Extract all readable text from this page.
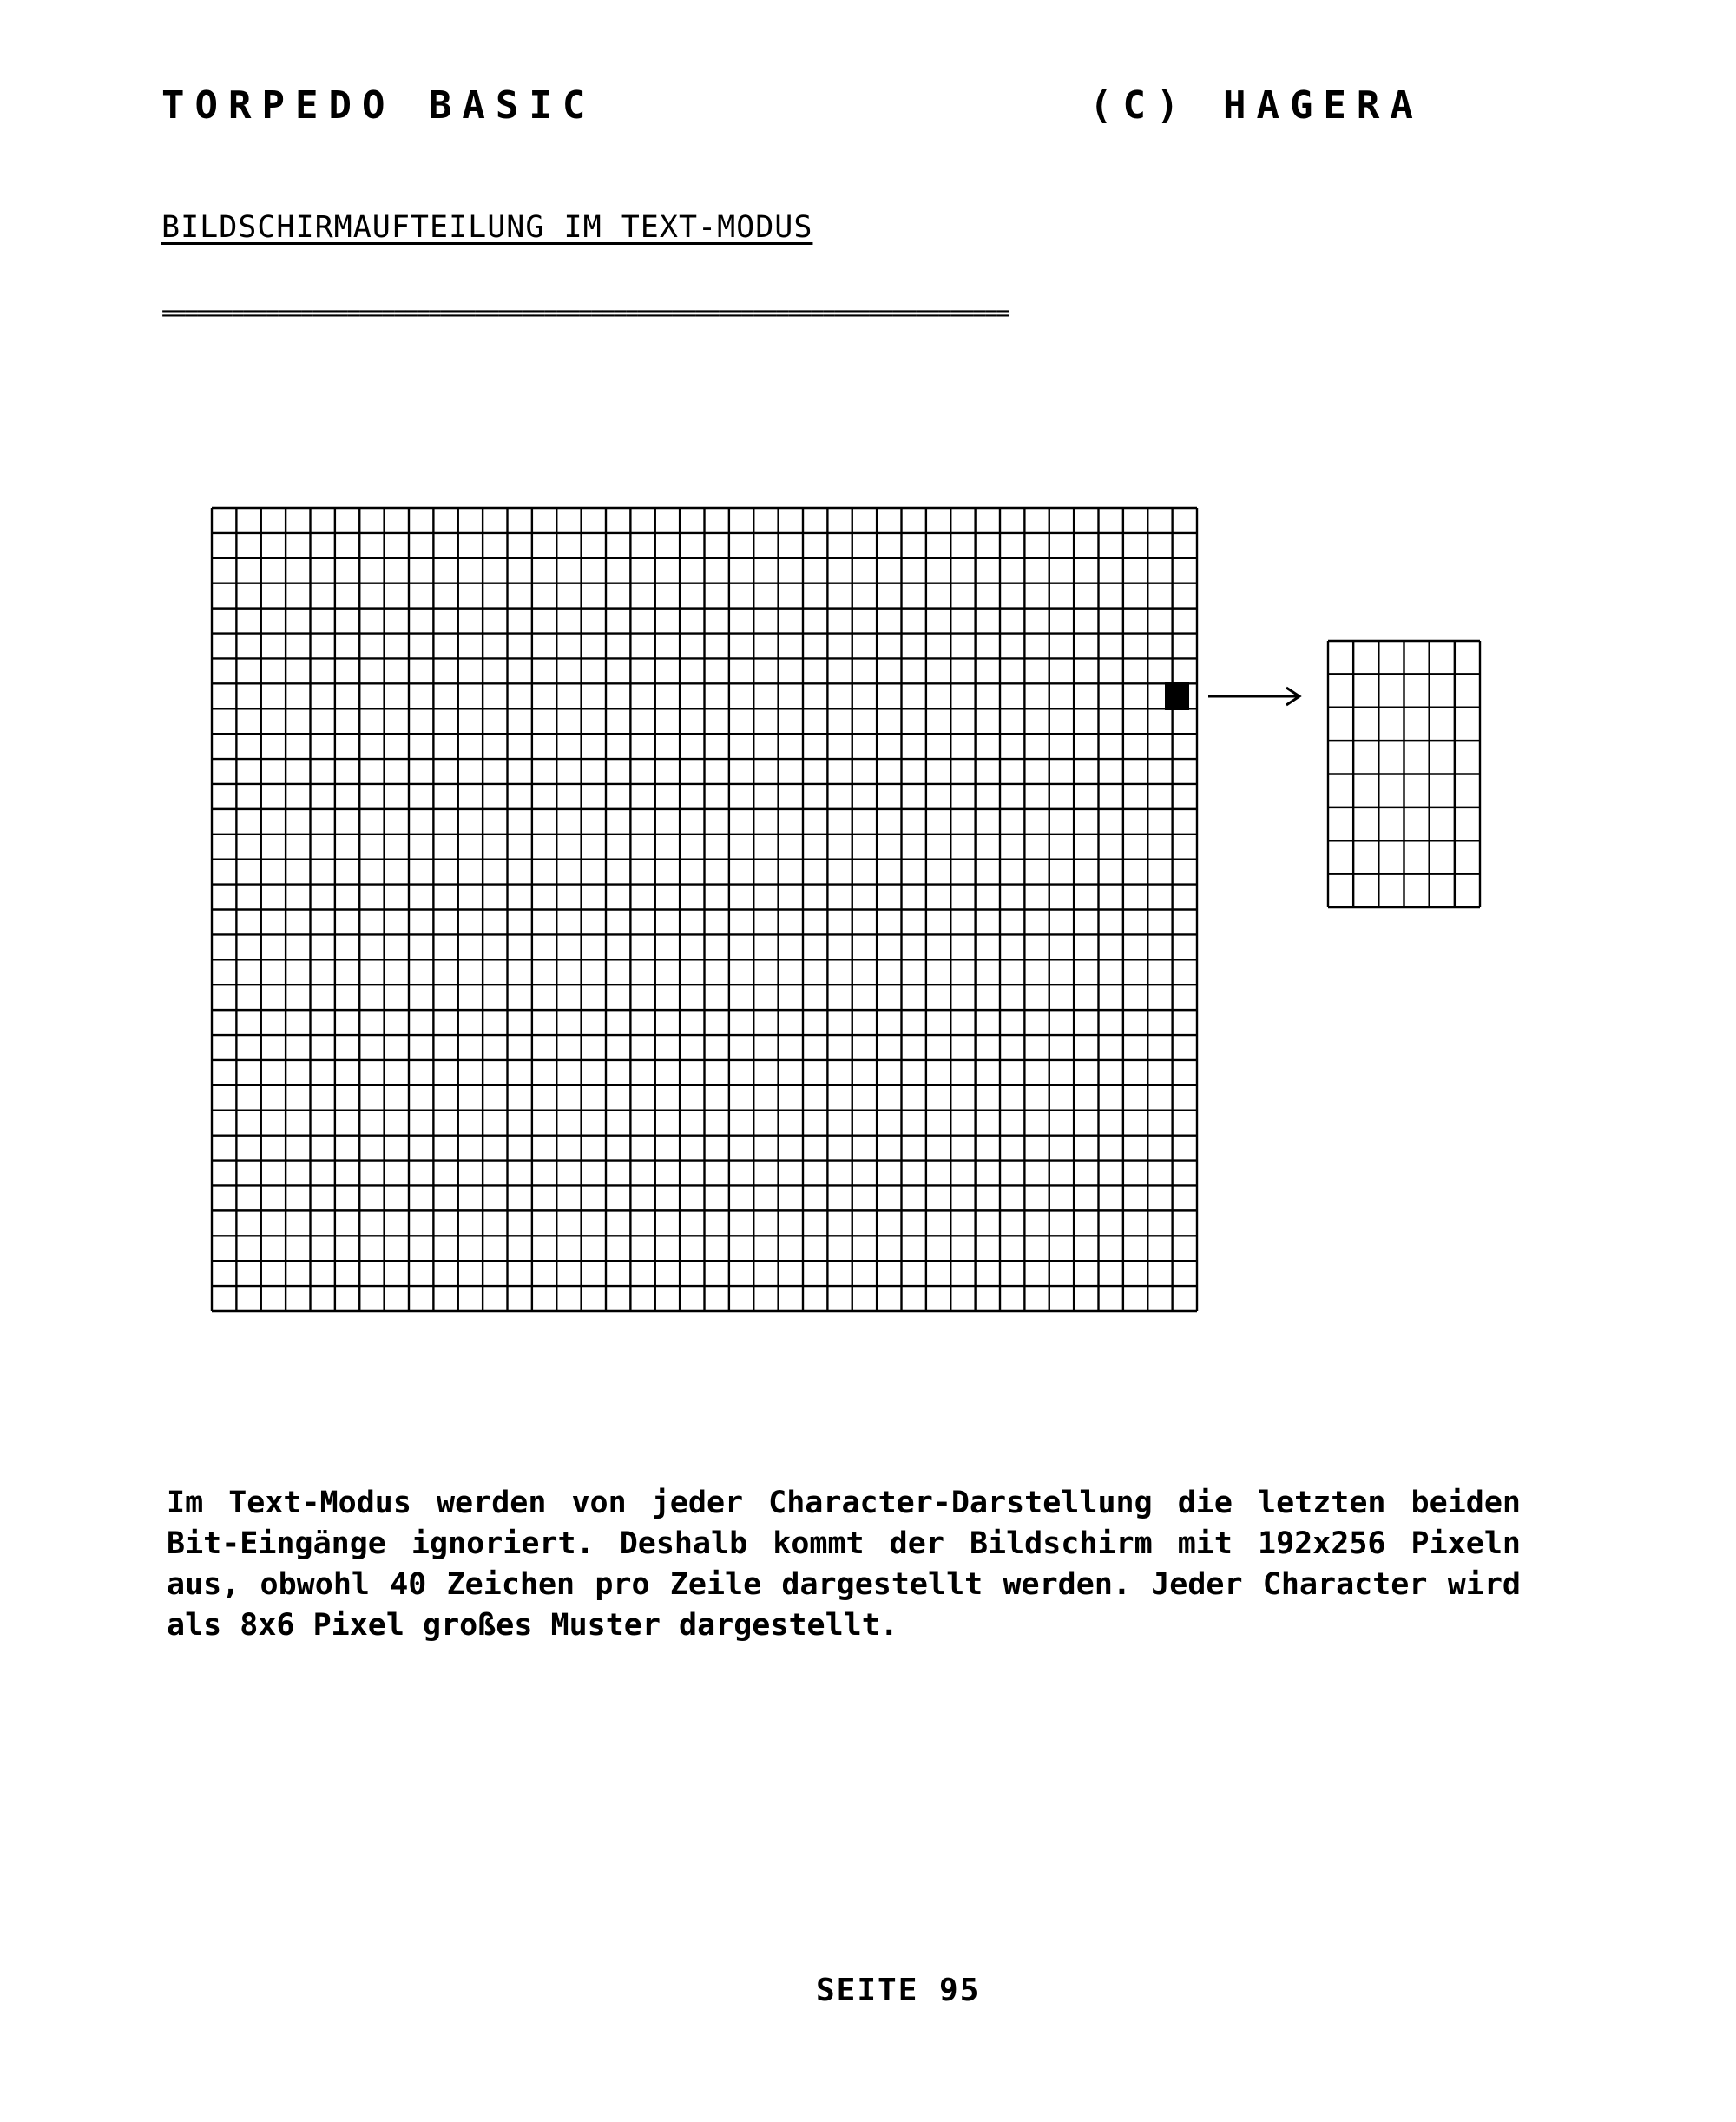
TORPEDO BASIC	(C) HAGERA
BILDSCHIRMAUFTEILUNG IM TEXT-MODUS
=========================================================================
Im Text-Modus werden von jeder Character-Darstellung die letzten beiden Bit-Eingänge ignoriert. Deshalb kommt der Bildschirm mit 192x256 Pixeln aus, obwohl 40 Zeichen pro Zeile dargestellt werden. Jeder Character wird als 8x6 Pixel großes Muster dargestellt.
SEITE 95
